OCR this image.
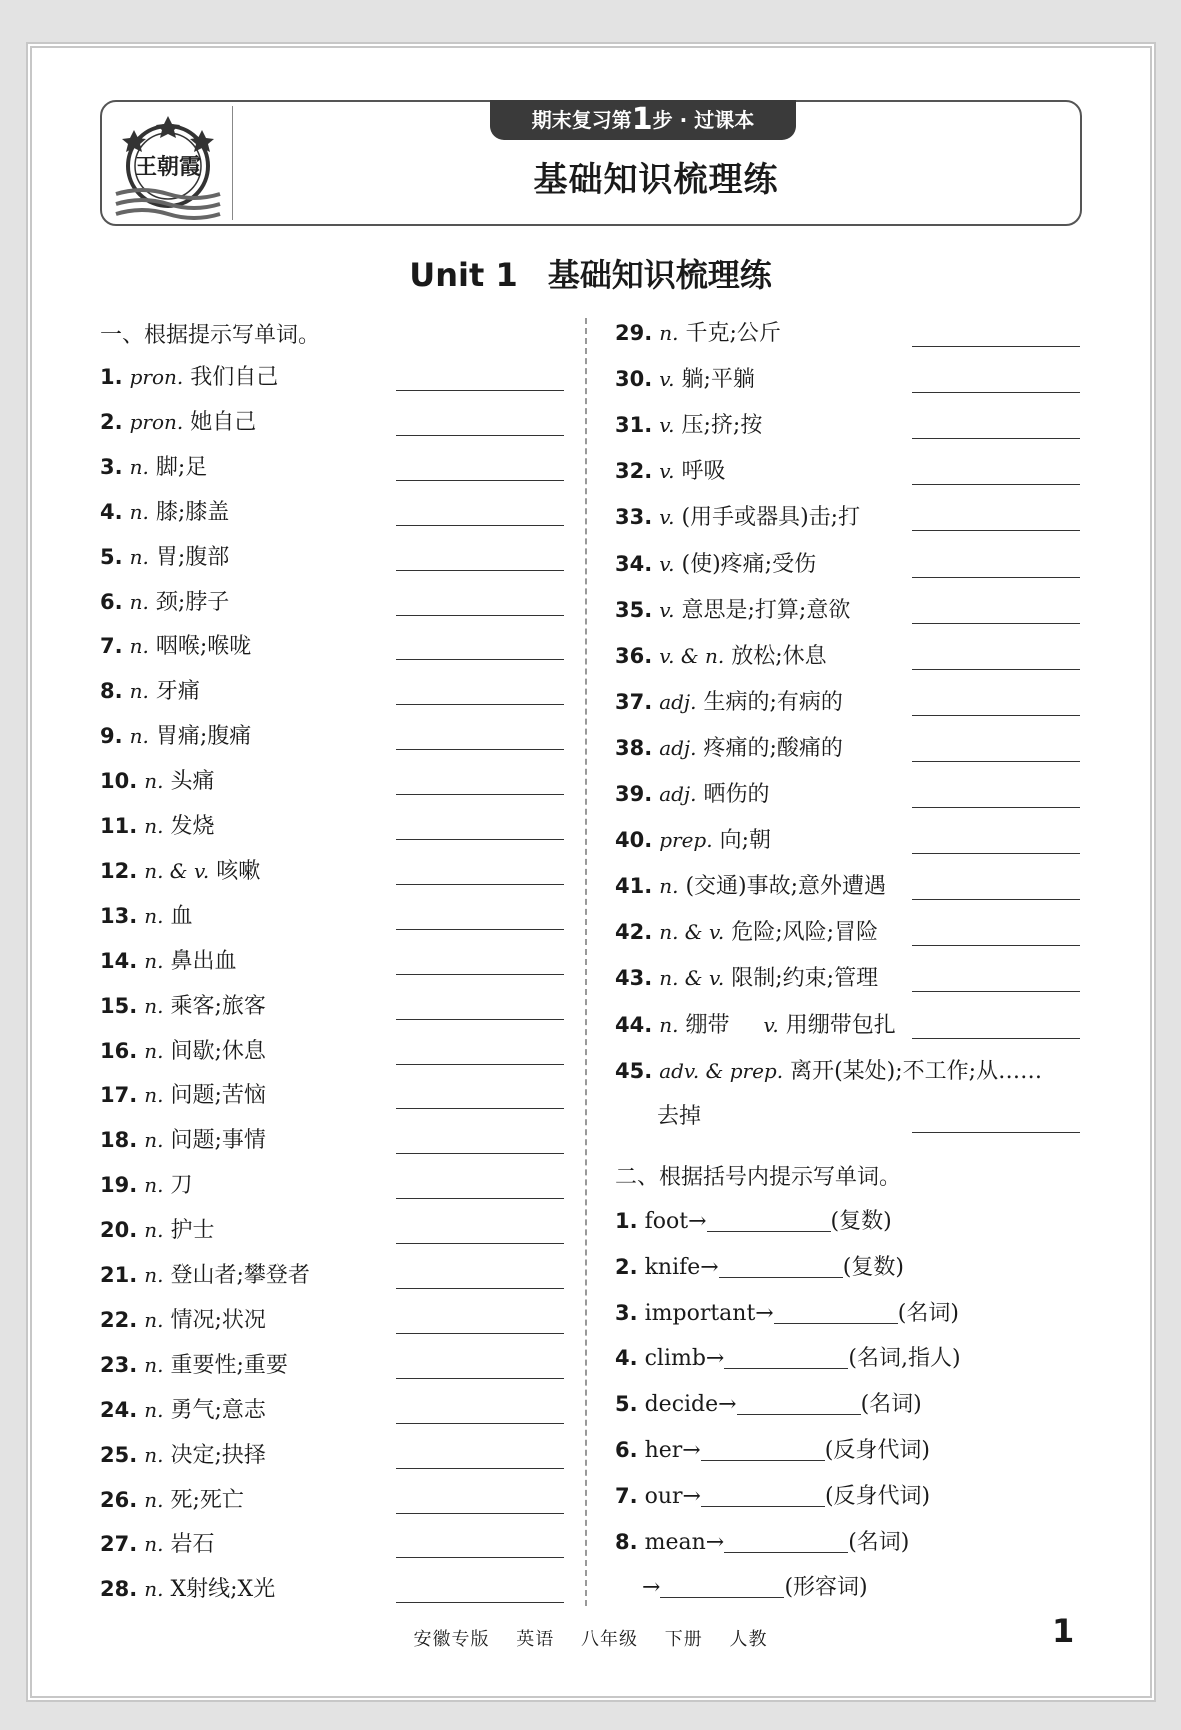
王朝霞
期末复习第1步 · 过课本
基础知识梳理练
Unit 1 基础知识梳理练
一、根据提示写单词。
二、根据括号内提示写单词。
1. pron. 我们自己
2. pron. 她自己
3. n. 脚;足
4. n. 膝;膝盖
5. n. 胃;腹部
6. n. 颈;脖子
7. n. 咽喉;喉咙
8. n. 牙痛
9. n. 胃痛;腹痛
10. n. 头痛
11. n. 发烧
12. n. & v. 咳嗽
13. n. 血
14. n. 鼻出血
15. n. 乘客;旅客
16. n. 间歇;休息
17. n. 问题;苦恼
18. n. 问题;事情
19. n. 刀
20. n. 护士
21. n. 登山者;攀登者
22. n. 情况;状况
23. n. 重要性;重要
24. n. 勇气;意志
25. n. 决定;抉择
26. n. 死;死亡
27. n. 岩石
28. n. X射线;X光
29. n. 千克;公斤
30. v. 躺;平躺
31. v. 压;挤;按
32. v. 呼吸
33. v. (用手或器具)击;打
34. v. (使)疼痛;受伤
35. v. 意思是;打算;意欲
36. v. & n. 放松;休息
37. adj. 生病的;有病的
38. adj. 疼痛的;酸痛的
39. adj. 晒伤的
40. prep. 向;朝
41. n. (交通)事故;意外遭遇
42. n. & v. 危险;风险;冒险
43. n. & v. 限制;约束;管理
44. n. 绷带 v. 用绷带包扎
45. adv. & prep. 离开(某处);不工作;从……
去掉
1. foot→	(复数)
2. knife→	(复数)
3. important→	(名词)
4. climb→	(名词,指人)
5. decide→	(名词)
6. her→	(反身代词)
7. our→	(反身代词)
8. mean→	(名词)
→	(形容词)
安徽专版 英语 八年级 下册 人教	1
